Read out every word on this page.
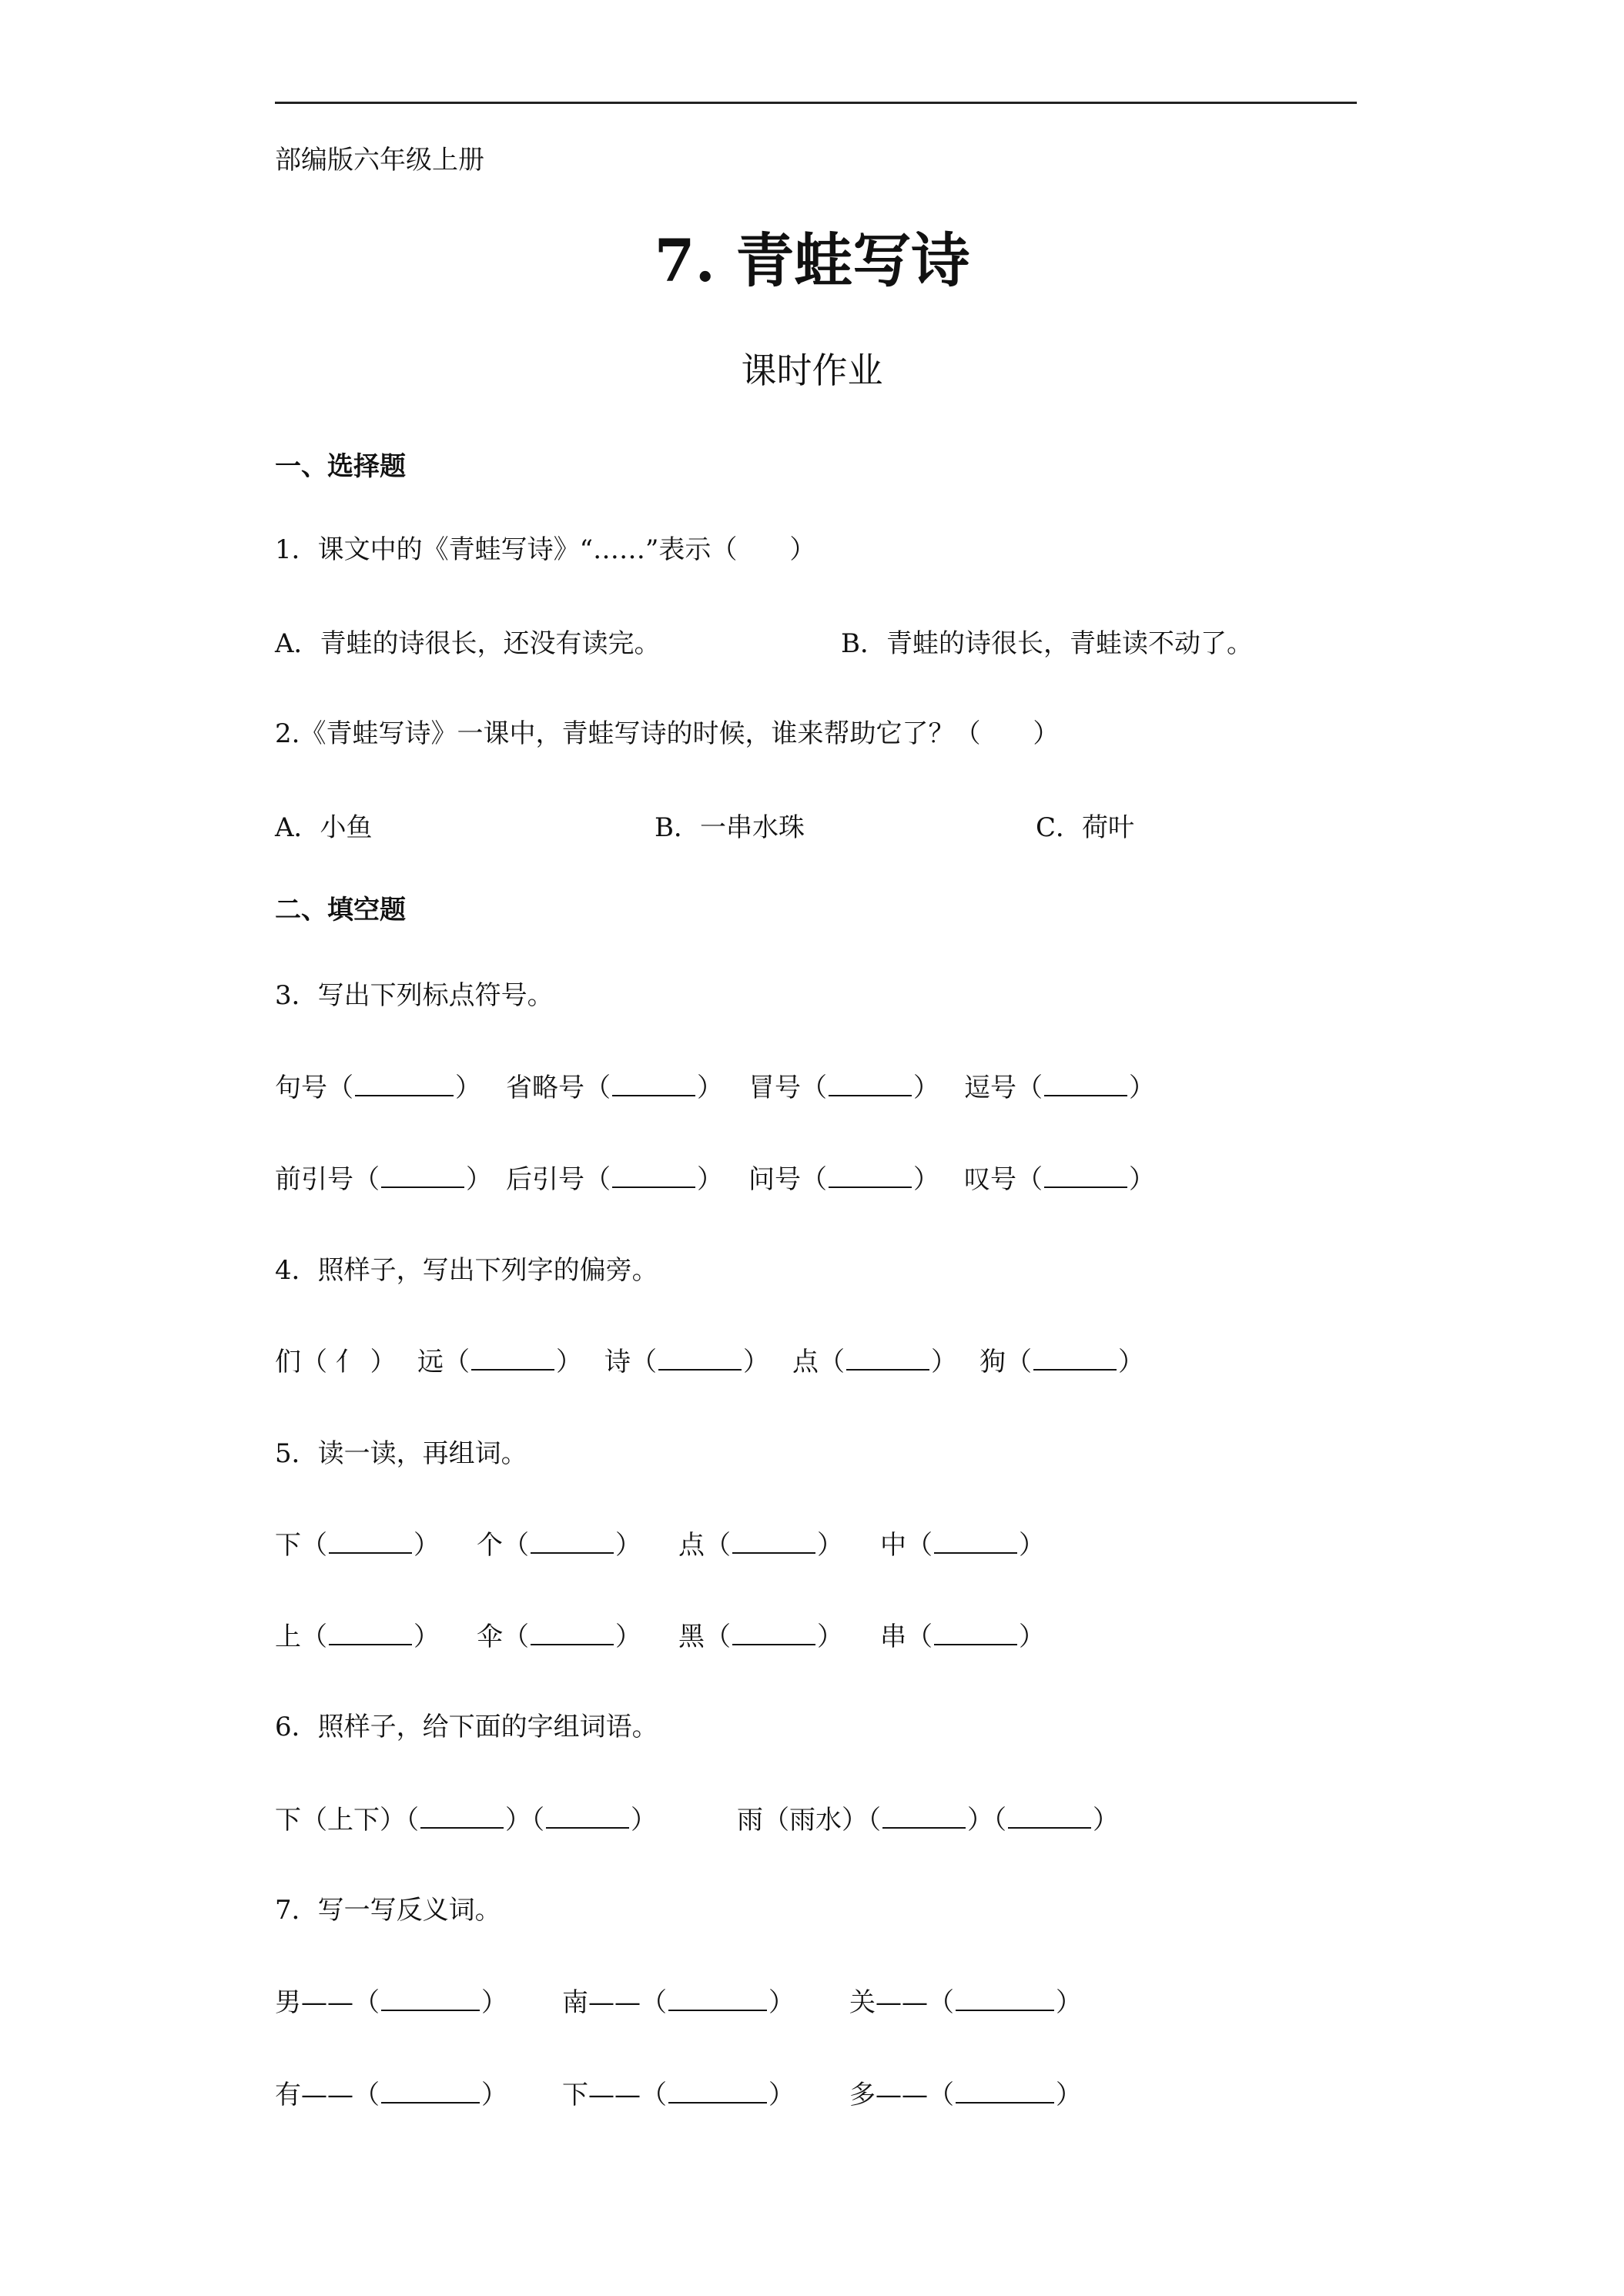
部编版六年级上册
7. 青蛙写诗
课时作业
一、选择题
1．课文中的《青蛙写诗》“……”表示（　　）
A．青蛙的诗很长，还没有读完。	B．青蛙的诗很长，青蛙读不动了。
2.《青蛙写诗》一课中，青蛙写诗的时候，谁来帮助它了？（　　）
A．小鱼	B．一串水珠	C．荷叶
二、填空题
3．写出下列标点符号。
句号（	） 省略号（	） 冒号（	） 逗号（	）
前引号（	） 后引号（	） 问号（	） 叹号（	）
4．照样子，写出下列字的偏旁。
们（ 亻 ） 远（	） 诗（	） 点（	） 狗（	）
5．读一读，再组词。
下（	） 个（	） 点（	） 中（	）
上（	） 伞（	） 黑（	） 串（	）
6．照样子，给下面的字组词语。
下（上下）（	）（	）	雨（雨水）（	）（	）
7．写一写反义词。
男——（	） 南——（	） 关——（	）
有——（	） 下——（	） 多——（	）
